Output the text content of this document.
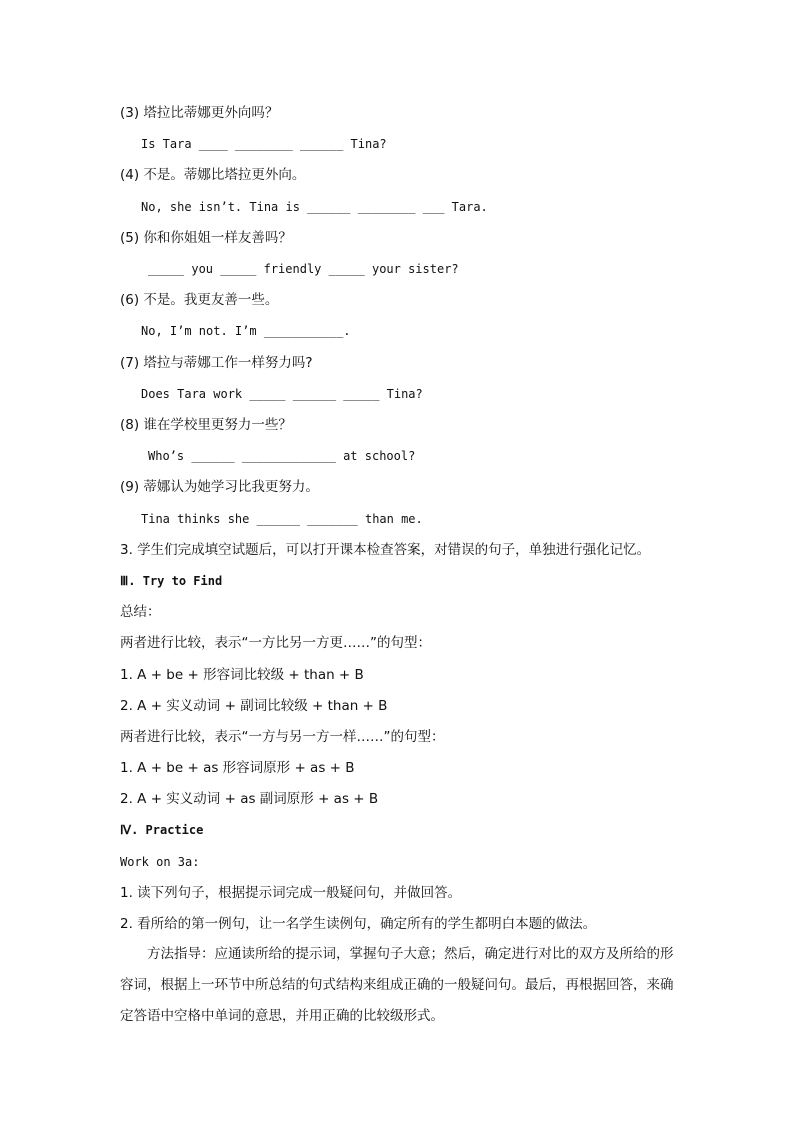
(3) 塔拉比蒂娜更外向吗？
Is Tara ____ ________ ______ Tina?
(4) 不是。蒂娜比塔拉更外向。
No, she isn’t. Tina is ______ ________ ___ Tara.
(5) 你和你姐姐一样友善吗？
_____ you _____ friendly _____ your sister?
(6) 不是。我更友善一些。
No, I’m not. I’m ___________.
(7) 塔拉与蒂娜工作一样努力吗?
Does Tara work _____ ______ _____ Tina?
(8) 谁在学校里更努力一些？
Who’s ______ _____________ at school?
(9) 蒂娜认为她学习比我更努力。
Tina thinks she ______ _______ than me.
3. 学生们完成填空试题后，可以打开课本检查答案，对错误的句子，单独进行强化记忆。
Ⅲ. Try to Find
总结：
两者进行比较，表示“一方比另一方更……”的句型：
1. A + be + 形容词比较级 + than + B
2. A + 实义动词 + 副词比较级 + than + B
两者进行比较，表示“一方与另一方一样……”的句型：
1. A + be + as 形容词原形 + as + B
2. A + 实义动词 + as 副词原形 + as + B
Ⅳ. Practice
Work on 3a:
1. 读下列句子，根据提示词完成一般疑问句，并做回答。
2. 看所给的第一例句，让一名学生读例句，确定所有的学生都明白本题的做法。
　　方法指导：应通读所给的提示词，掌握句子大意；然后，确定进行对比的双方及所给的形容词，根据上一环节中所总结的句式结构来组成正确的一般疑问句。最后，再根据回答，来确定答语中空格中单词的意思，并用正确的比较级形式。
